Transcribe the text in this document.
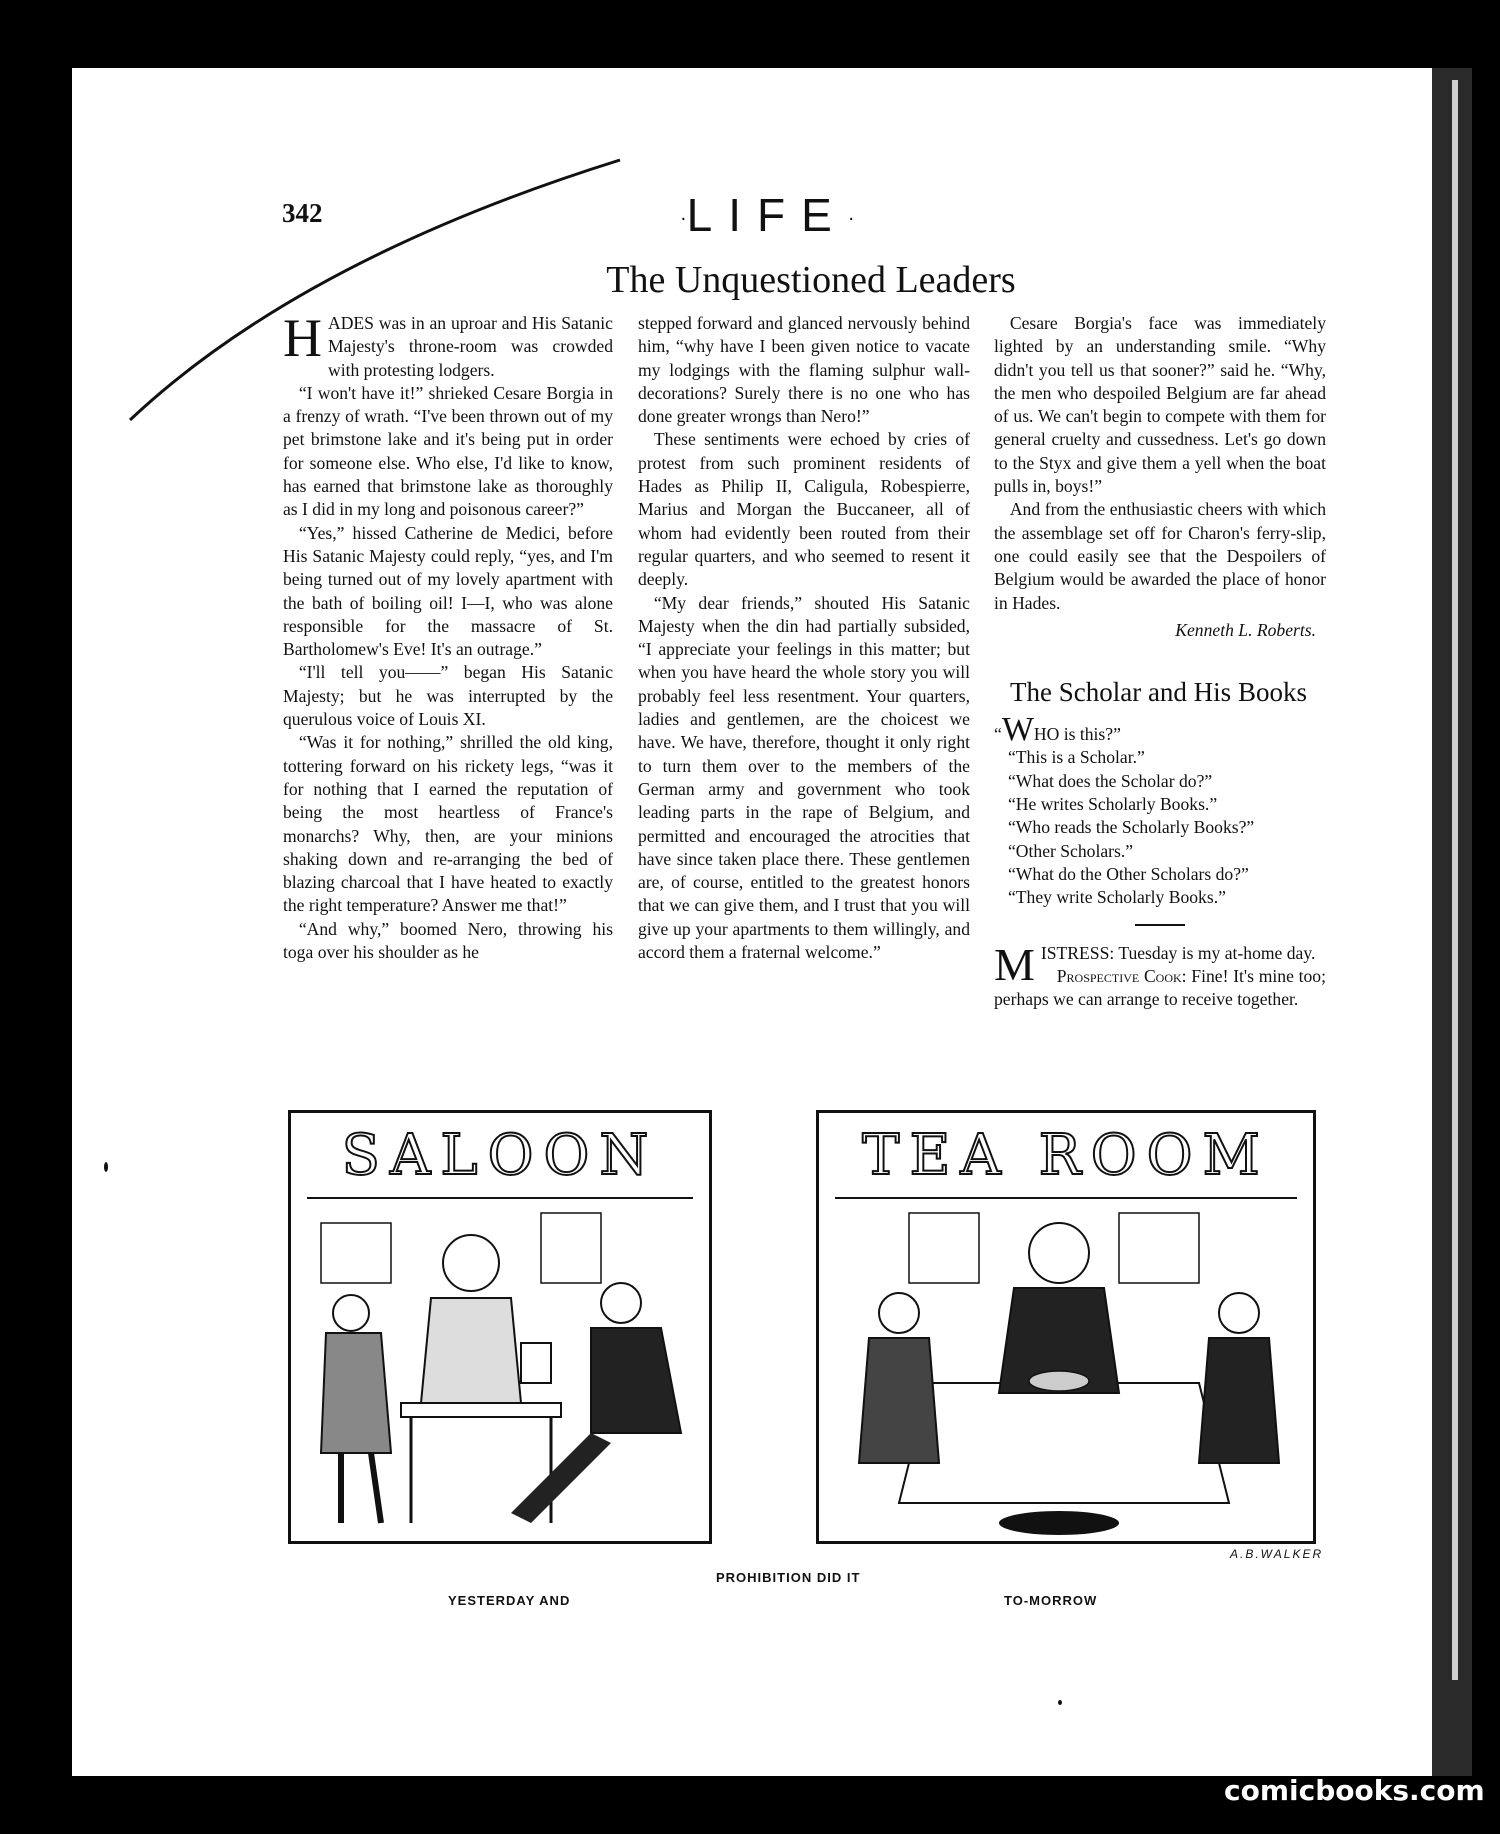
342	·LIFE·
The Unquestioned Leaders

HADES was in an uproar and His Satanic Majesty's throne-room was crowded with protesting lodgers.

“I won't have it!” shrieked Cesare Borgia in a frenzy of wrath. “I've been thrown out of my pet brimstone lake and it's being put in order for someone else. Who else, I'd like to know, has earned that brimstone lake as thoroughly as I did in my long and poisonous career?”

“Yes,” hissed Catherine de Medici, before His Satanic Majesty could reply, “yes, and I'm being turned out of my lovely apartment with the bath of boiling oil! I—I, who was alone responsible for the massacre of St. Bartholomew's Eve! It's an outrage.”

“I'll tell you——” began His Satanic Majesty; but he was interrupted by the querulous voice of Louis XI.

“Was it for nothing,” shrilled the old king, tottering forward on his rickety legs, “was it for nothing that I earned the reputation of being the most heartless of France's monarchs? Why, then, are your minions shaking down and re-arranging the bed of blazing charcoal that I have heated to exactly the right temperature? Answer me that!”

“And why,” boomed Nero, throwing his toga over his shoulder as he

stepped forward and glanced nervously behind him, “why have I been given notice to vacate my lodgings with the flaming sulphur wall-decorations? Surely there is no one who has done greater wrongs than Nero!”

These sentiments were echoed by cries of protest from such prominent residents of Hades as Philip II, Caligula, Robespierre, Marius and Morgan the Buccaneer, all of whom had evidently been routed from their regular quarters, and who seemed to resent it deeply.

“My dear friends,” shouted His Satanic Majesty when the din had partially subsided, “I appreciate your feelings in this matter; but when you have heard the whole story you will probably feel less resentment. Your quarters, ladies and gentlemen, are the choicest we have. We have, therefore, thought it only right to turn them over to the members of the German army and government who took leading parts in the rape of Belgium, and permitted and encouraged the atrocities that have since taken place there. These gentlemen are, of course, entitled to the greatest honors that we can give them, and I trust that you will give up your apartments to them willingly, and accord them a fraternal welcome.”

Cesare Borgia's face was immediately lighted by an understanding smile. “Why didn't you tell us that sooner?” said he. “Why, the men who despoiled Belgium are far ahead of us. We can't begin to compete with them for general cruelty and cussedness. Let's go down to the Styx and give them a yell when the boat pulls in, boys!”

And from the enthusiastic cheers with which the assemblage set off for Charon's ferry-slip, one could easily see that the Despoilers of Belgium would be awarded the place of honor in Hades.

Kenneth L. Roberts.
The Scholar and His Books

“WHO is this?”

“This is a Scholar.”

“What does the Scholar do?”

“He writes Scholarly Books.”

“Who reads the Scholarly Books?”

“Other Scholars.”

“What do the Other Scholars do?”

“They write Scholarly Books.”

MISTRESS: Tuesday is my at-home day.

Prospective Cook: Fine! It's mine too; perhaps we can arrange to receive together.

SALOON	TEA ROOM
A.B.WALKER
PROHIBITION DID IT
YESTERDAY AND	TO-MORROW
comicbooks.com
